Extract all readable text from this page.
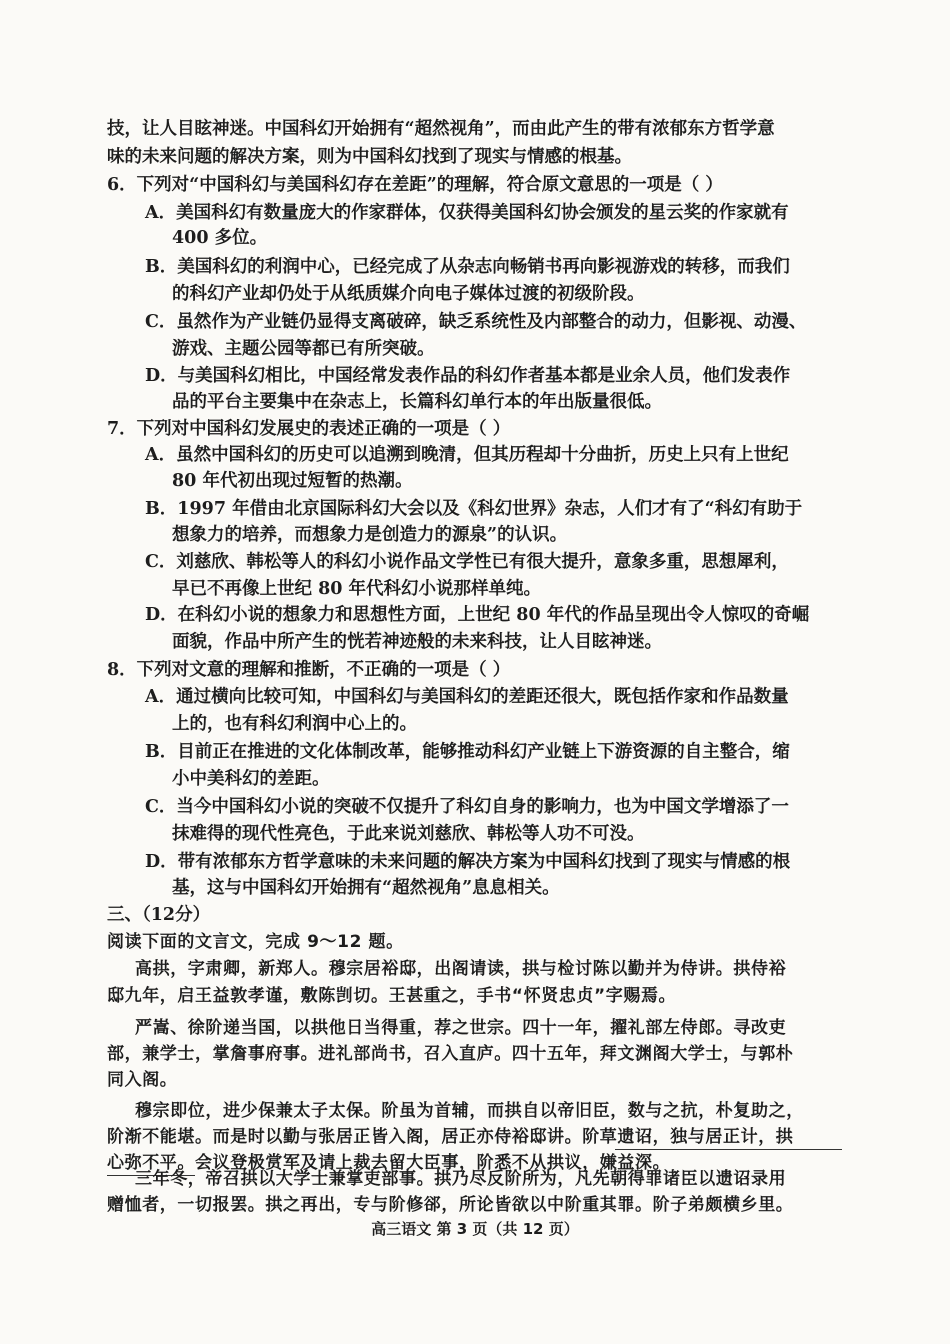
技，让人目眩神迷。中国科幻开始拥有“超然视角”，而由此产生的带有浓郁东方哲学意
味的未来问题的解决方案，则为中国科幻找到了现实与情感的根基。
6．下列对“中国科幻与美国科幻存在差距”的理解，符合原文意思的一项是（ ）
A．美国科幻有数量庞大的作家群体，仅获得美国科幻协会颁发的星云奖的作家就有
400 多位。
B．美国科幻的利润中心，已经完成了从杂志向畅销书再向影视游戏的转移，而我们
的科幻产业却仍处于从纸质媒介向电子媒体过渡的初级阶段。
C．虽然作为产业链仍显得支离破碎，缺乏系统性及内部整合的动力，但影视、动漫、
游戏、主题公园等都已有所突破。
D．与美国科幻相比，中国经常发表作品的科幻作者基本都是业余人员，他们发表作
品的平台主要集中在杂志上，长篇科幻单行本的年出版量很低。
7．下列对中国科幻发展史的表述正确的一项是（ ）
A．虽然中国科幻的历史可以追溯到晚清，但其历程却十分曲折，历史上只有上世纪
80 年代初出现过短暂的热潮。
B．1997 年借由北京国际科幻大会以及《科幻世界》杂志，人们才有了“科幻有助于
想象力的培养，而想象力是创造力的源泉”的认识。
C．刘慈欣、韩松等人的科幻小说作品文学性已有很大提升，意象多重，思想犀利，
早已不再像上世纪 80 年代科幻小说那样单纯。
D．在科幻小说的想象力和思想性方面，上世纪 80 年代的作品呈现出令人惊叹的奇崛
面貌，作品中所产生的恍若神迹般的未来科技，让人目眩神迷。
8．下列对文意的理解和推断，不正确的一项是（ ）
A．通过横向比较可知，中国科幻与美国科幻的差距还很大，既包括作家和作品数量
上的，也有科幻利润中心上的。
B．目前正在推进的文化体制改革，能够推动科幻产业链上下游资源的自主整合，缩
小中美科幻的差距。
C．当今中国科幻小说的突破不仅提升了科幻自身的影响力，也为中国文学增添了一
抹难得的现代性亮色，于此来说刘慈欣、韩松等人功不可没。
D．带有浓郁东方哲学意味的未来问题的解决方案为中国科幻找到了现实与情感的根
基，这与中国科幻开始拥有“超然视角”息息相关。
三、（12分）
阅读下面的文言文，完成 9～12 题。
高拱，字肃卿，新郑人。穆宗居裕邸，出阁请读，拱与检讨陈以勤并为侍讲。拱侍裕
邸九年，启王益敦孝谨，敷陈剀切。王甚重之，手书“怀贤忠贞”字赐焉。
严嵩、徐阶递当国，以拱他日当得重，荐之世宗。四十一年，擢礼部左侍郎。寻改吏
部，兼学士，掌詹事府事。进礼部尚书，召入直庐。四十五年，拜文渊阁大学士，与郭朴
同入阁。
穆宗即位，进少保兼太子太保。阶虽为首辅，而拱自以帝旧臣，数与之抗，朴复助之，
阶渐不能堪。而是时以勤与张居正皆入阁，居正亦侍裕邸讲。阶草遗诏，独与居正计，拱
心弥不平。会议登极赏军及请上裁去留大臣事，阶悉不从拱议，嫌益深。
三年冬，帝召拱以大学士兼掌吏部事。拱乃尽反阶所为，凡先朝得罪诸臣以遗诏录用
赠恤者，一切报罢。拱之再出，专与阶修郤，所论皆欲以中阶重其罪。阶子弟颇横乡里。
高三语文 第 3 页（共 12 页）
